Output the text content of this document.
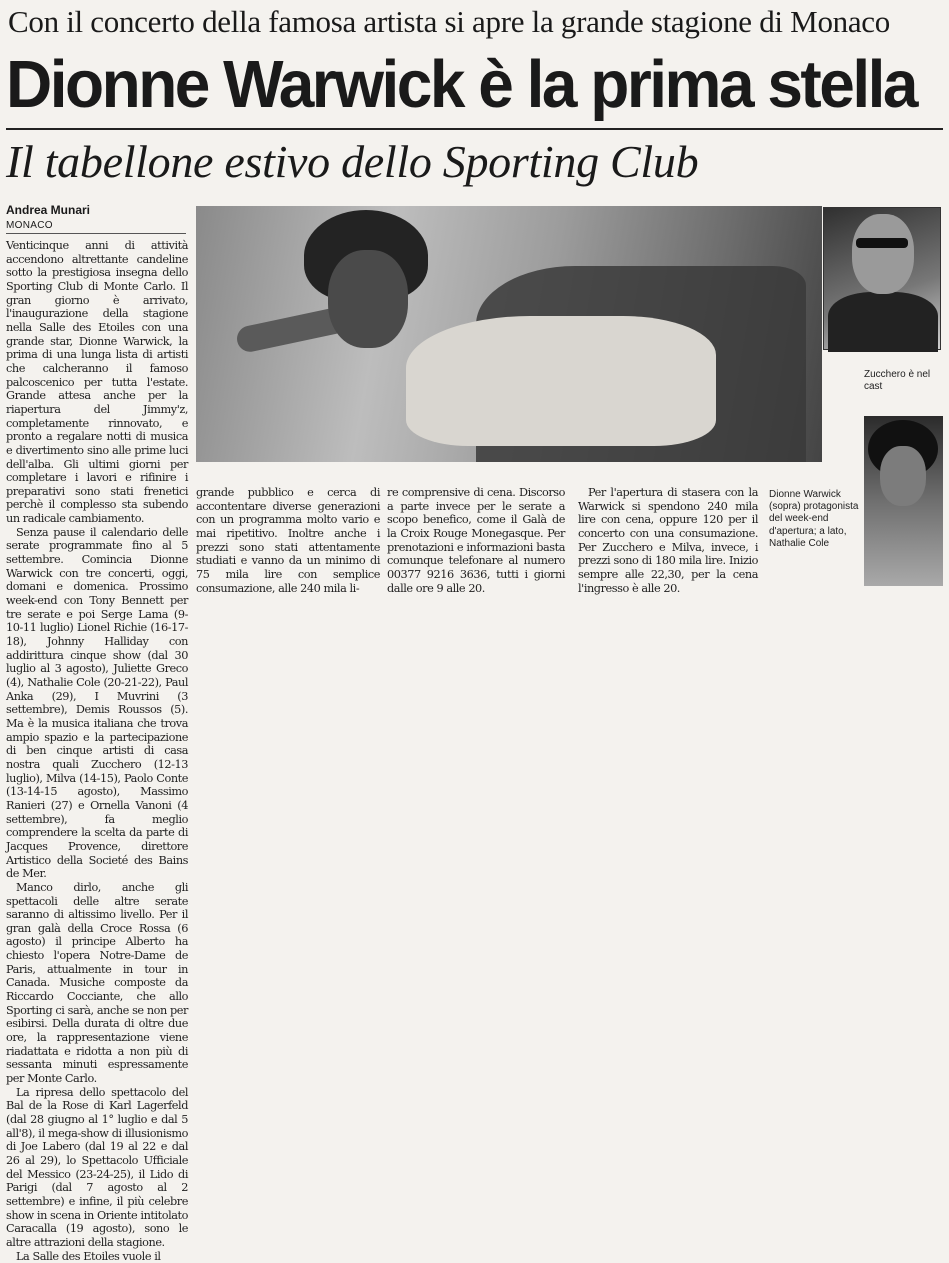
Con il concerto della famosa artista si apre la grande stagione di Monaco
Dionne Warwick è la prima stella
Il tabellone estivo dello Sporting Club
Andrea Munari
MONACO

Venticinque anni di attività accendono altrettante candeline sotto la prestigiosa insegna dello Sporting Club di Monte Carlo. Il gran giorno è arrivato, l'inaugurazione della stagione nella Salle des Etoiles con una grande star, Dionne Warwick, la prima di una lunga lista di artisti che calcheranno il famoso palcoscenico per tutta l'estate. Grande attesa anche per la riapertura del Jimmy'z, completamente rinnovato, e pronto a regalare notti di musica e divertimento sino alle prime luci dell'alba. Gli ultimi giorni per completare i lavori e rifinire i preparativi sono stati frenetici perchè il complesso sta subendo un radicale cambiamento.

Senza pause il calendario delle serate programmate fino al 5 settembre. Comincia Dionne Warwick con tre concerti, oggi, domani e domenica. Prossimo week-end con Tony Bennett per tre serate e poi Serge Lama (9-10-11 luglio) Lionel Richie (16-17-18), Johnny Halliday con addirittura cinque show (dal 30 luglio al 3 agosto), Juliette Greco (4), Nathalie Cole (20-21-22), Paul Anka (29), I Muvrini (3 settembre), Demis Roussos (5). Ma è la musica italiana che trova ampio spazio e la partecipazione di ben cinque artisti di casa nostra quali Zucchero (12-13 luglio), Milva (14-15), Paolo Conte (13-14-15 agosto), Massimo Ranieri (27) e Ornella Vanoni (4 settembre), fa meglio comprendere la scelta da parte di Jacques Provence, direttore Artistico della Societé des Bains de Mer.

Manco dirlo, anche gli spettacoli delle altre serate saranno di altissimo livello. Per il gran galà della Croce Rossa (6 agosto) il principe Alberto ha chiesto l'opera Notre-Dame de Paris, attualmente in tour in Canada. Musiche composte da Riccardo Cocciante, che allo Sporting ci sarà, anche se non per esibirsi. Della durata di oltre due ore, la rappresentazione viene riadattata e ridotta a non più di sessanta minuti espressamente per Monte Carlo.

La ripresa dello spettacolo del Bal de la Rose di Karl Lagerfeld (dal 28 giugno al 1° luglio e dal 5 all'8), il mega-show di illusionismo di Joe Labero (dal 19 al 22 e dal 26 al 29), lo Spettacolo Ufficiale del Messico (23-24-25), il Lido di Parigi (dal 7 agosto al 2 settembre) e infine, il più celebre show in scena in Oriente intitolato Caracalla (19 agosto), sono le altre attrazioni della stagione.

La Salle des Etoiles vuole il

Zucchero è nel cast
Dionne Warwick (sopra) protagonista del week-end d'apertura; a lato, Nathalie Cole

grande pubblico e cerca di accontentare diverse generazioni con un programma molto vario e mai ripetitivo. Inoltre anche i prezzi sono stati attentamente studiati e vanno da un minimo di 75 mila lire con semplice consumazione, alle 240 mila li-

re comprensive di cena. Discorso a parte invece per le serate a scopo benefico, come il Galà de la Croix Rouge Monegasque. Per prenotazioni e informazioni basta comunque telefonare al numero 00377 9216 3636, tutti i giorni dalle ore 9 alle 20.

Per l'apertura di stasera con la Warwick si spendono 240 mila lire con cena, oppure 120 per il concerto con una consumazione. Per Zucchero e Milva, invece, i prezzi sono di 180 mila lire. Inizio sempre alle 22,30, per la cena l'ingresso è alle 20.
